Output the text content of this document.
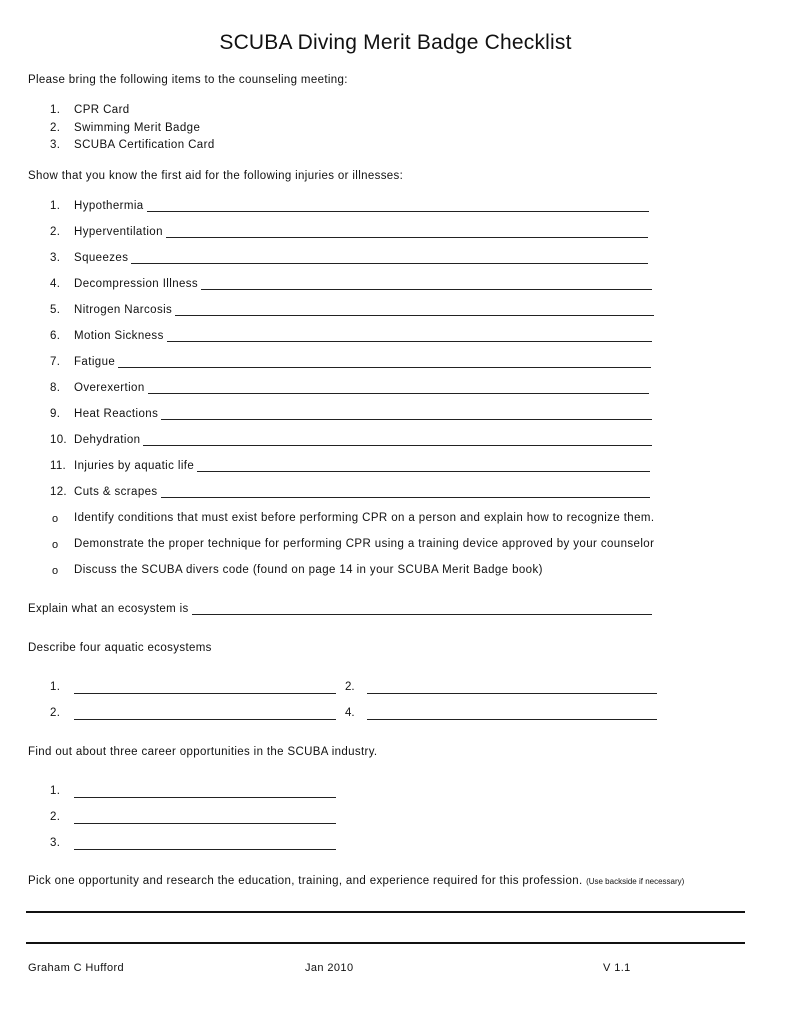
SCUBA Diving Merit Badge Checklist
Please bring the following items to the counseling meeting:
1. CPR Card
2. Swimming Merit Badge
3. SCUBA Certification Card
Show that you know the first aid for the following injuries or illnesses:
1. Hypothermia
2. Hyperventilation
3. Squeezes
4. Decompression Illness
5. Nitrogen Narcosis
6. Motion Sickness
7. Fatigue
8. Overexertion
9. Heat Reactions
10. Dehydration
11. Injuries by aquatic life
12. Cuts & scrapes
o Identify conditions that must exist before performing CPR on a person and explain how to recognize them.
o Demonstrate the proper technique for performing CPR using a training device approved by your counselor
o Discuss the SCUBA divers code (found on page 14 in your SCUBA Merit Badge book)
Explain what an ecosystem is
Describe four aquatic ecosystems
1.	2.
2.	4.
Find out about three career opportunities in the SCUBA industry.
1.
2.
3.
Pick one opportunity and research the education, training, and experience required for this profession. (Use backside if necessary)
Graham C Hufford	Jan 2010	V 1.1
